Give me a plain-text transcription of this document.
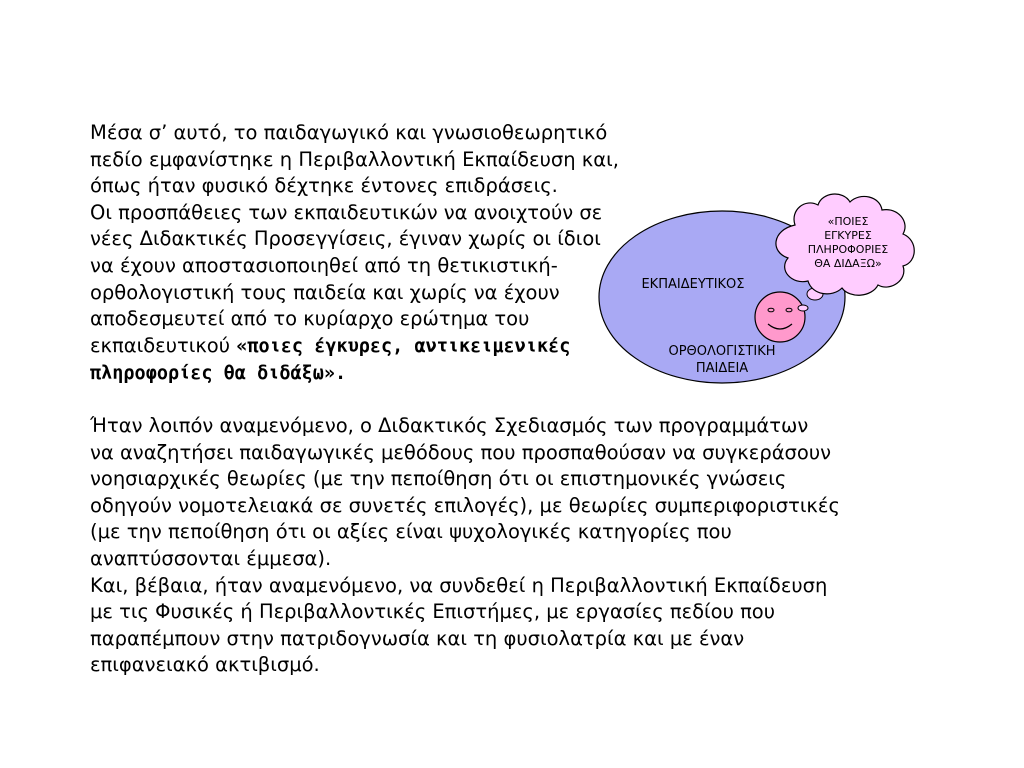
Μέσα σ’ αυτό, το παιδαγωγικό και γνωσιοθεωρητικό
πεδίο εμφανίστηκε η Περιβαλλοντική Εκπαίδευση και,
όπως ήταν φυσικό δέχτηκε έντονες επιδράσεις.
Οι προσπάθειες των εκπαιδευτικών να ανοιχτούν σε
νέες Διδακτικές Προσεγγίσεις, έγιναν χωρίς οι ίδιοι
να έχουν αποστασιοποιηθεί από τη θετικιστική-
ορθολογιστική τους παιδεία και χωρίς να έχουν
αποδεσμευτεί από το κυρίαρχο ερώτημα του
εκπαιδευτικού «ποιες έγκυρες, αντικειμενικές
πληροφορίες θα διδάξω».

Ήταν λοιπόν αναμενόμενο, ο Διδακτικός Σχεδιασμός των προγραμμάτων
να αναζητήσει παιδαγωγικές μεθόδους που προσπαθούσαν να συγκεράσουν
νοησιαρχικές θεωρίες (με την πεποίθηση ότι οι επιστημονικές γνώσεις
οδηγούν νομοτελειακά σε συνετές επιλογές), με θεωρίες συμπεριφοριστικές
(με την πεποίθηση ότι οι αξίες είναι ψυχολογικές κατηγορίες που
αναπτύσσονται έμμεσα).
Και, βέβαια, ήταν αναμενόμενο, να συνδεθεί η Περιβαλλοντική Εκπαίδευση
με τις Φυσικές ή Περιβαλλοντικές Επιστήμες, με εργασίες πεδίου που
παραπέμπουν στην πατριδογνωσία και τη φυσιολατρία και με έναν
επιφανειακό ακτιβισμό.

ΕΚΠΑΙΔΕΥΤΙΚΟΣ
ΟΡΘΟΛΟΓΙΣΤΙΚΗ
ΠΑΙΔΕΙΑ
«ΠΟΙΕΣ
ΕΓΚΥΡΕΣ
ΠΛΗΡΟΦΟΡΙΕΣ
ΘΑ ΔΙΔΑΞΩ»
